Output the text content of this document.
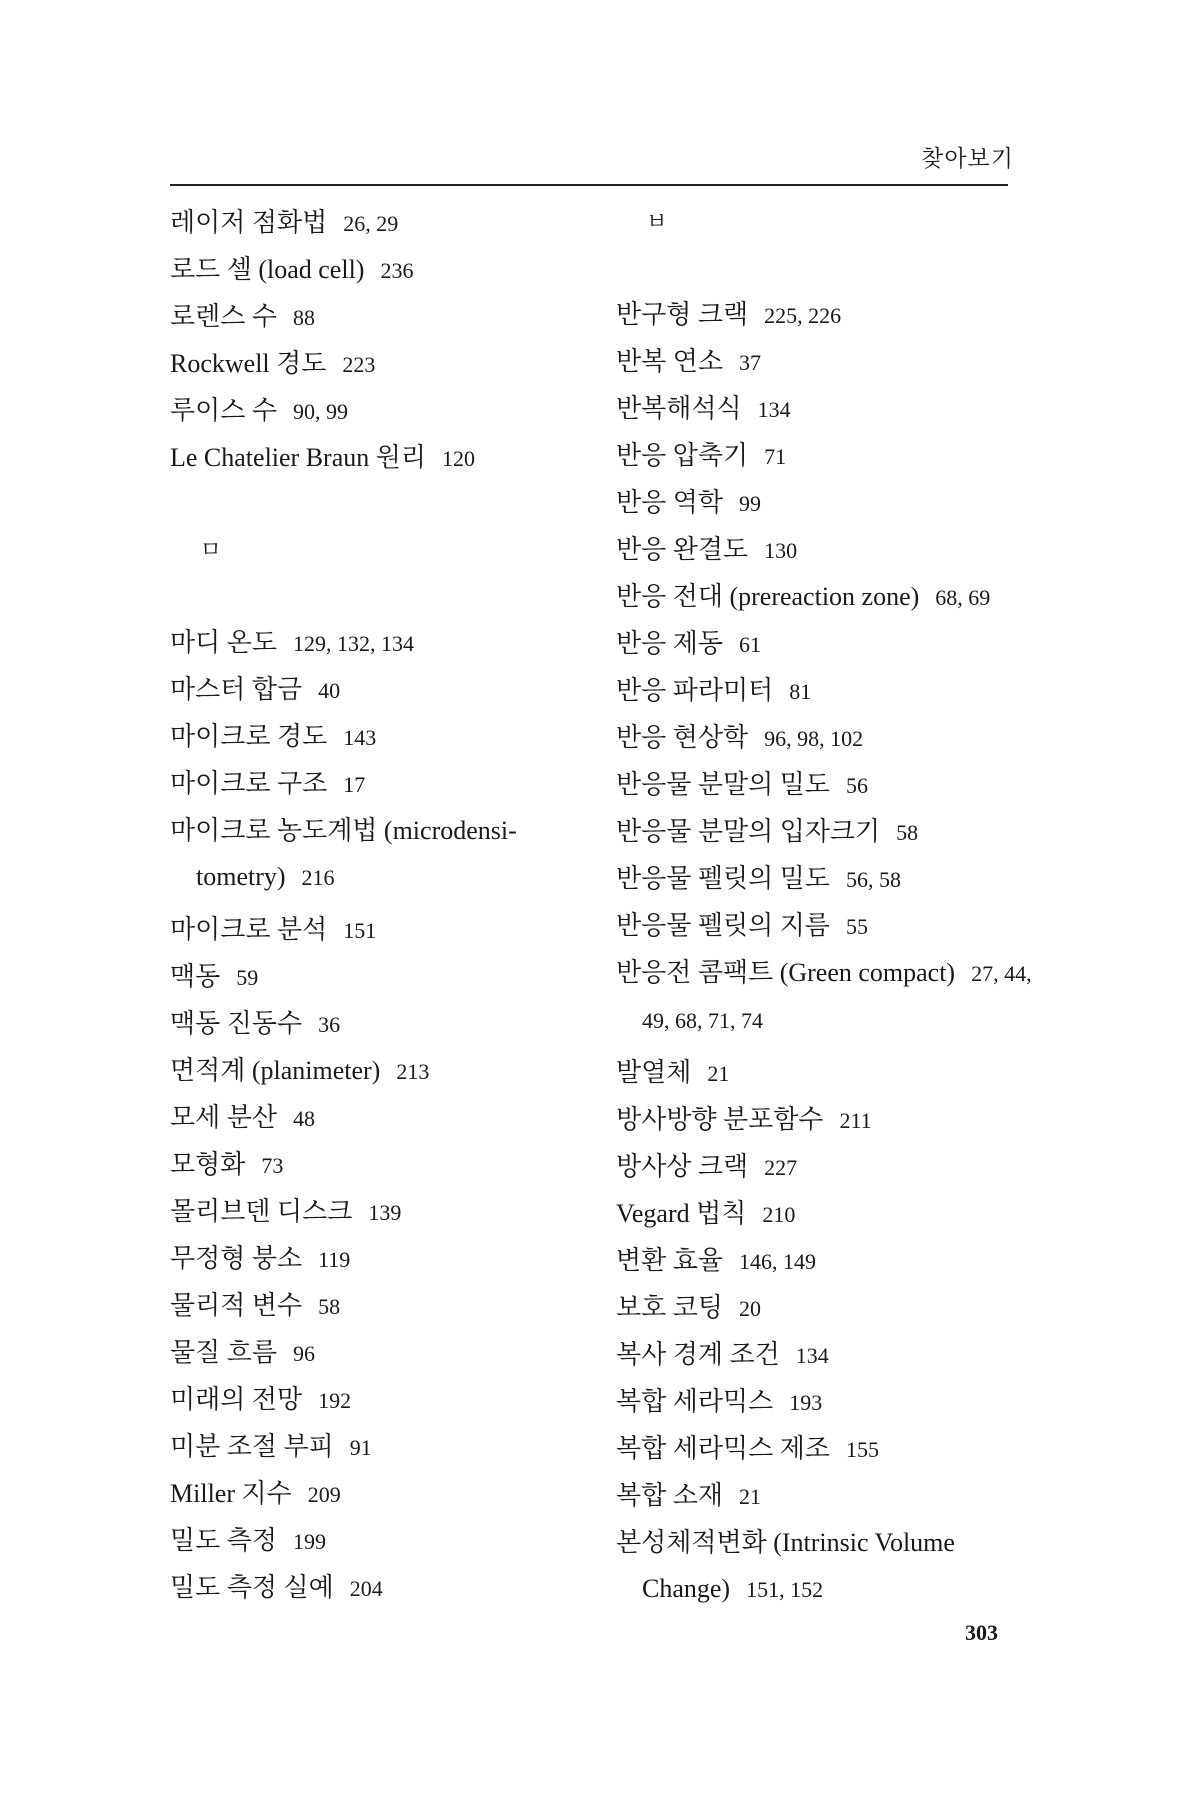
찾아보기
레이저 점화법 26, 29
로드 셀 (load cell) 236
로렌스 수 88
Rockwell 경도 223
루이스 수 90, 99
Le Chatelier Braun 원리 120
ㅁ
마디 온도 129, 132, 134
마스터 합금 40
마이크로 경도 143
마이크로 구조 17
마이크로 농도계법 (microdensi- tometry) 216
마이크로 분석 151
맥동 59
맥동 진동수 36
면적계 (planimeter) 213
모세 분산 48
모형화 73
몰리브덴 디스크 139
무정형 붕소 119
물리적 변수 58
물질 흐름 96
미래의 전망 192
미분 조절 부피 91
Miller 지수 209
밀도 측정 199
밀도 측정 실예 204
ㅂ
반구형 크랙 225, 226
반복 연소 37
반복해석식 134
반응 압축기 71
반응 역학 99
반응 완결도 130
반응 전대 (prereaction zone) 68, 69
반응 제동 61
반응 파라미터 81
반응 현상학 96, 98, 102
반응물 분말의 밀도 56
반응물 분말의 입자크기 58
반응물 펠릿의 밀도 56, 58
반응물 펠릿의 지름 55
반응전 콤팩트 (Green compact) 27, 44, 49, 68, 71, 74
발열체 21
방사방향 분포함수 211
방사상 크랙 227
Vegard 법칙 210
변환 효율 146, 149
보호 코팅 20
복사 경계 조건 134
복합 세라믹스 193
복합 세라믹스 제조 155
복합 소재 21
본성체적변화 (Intrinsic Volume Change) 151, 152
303
